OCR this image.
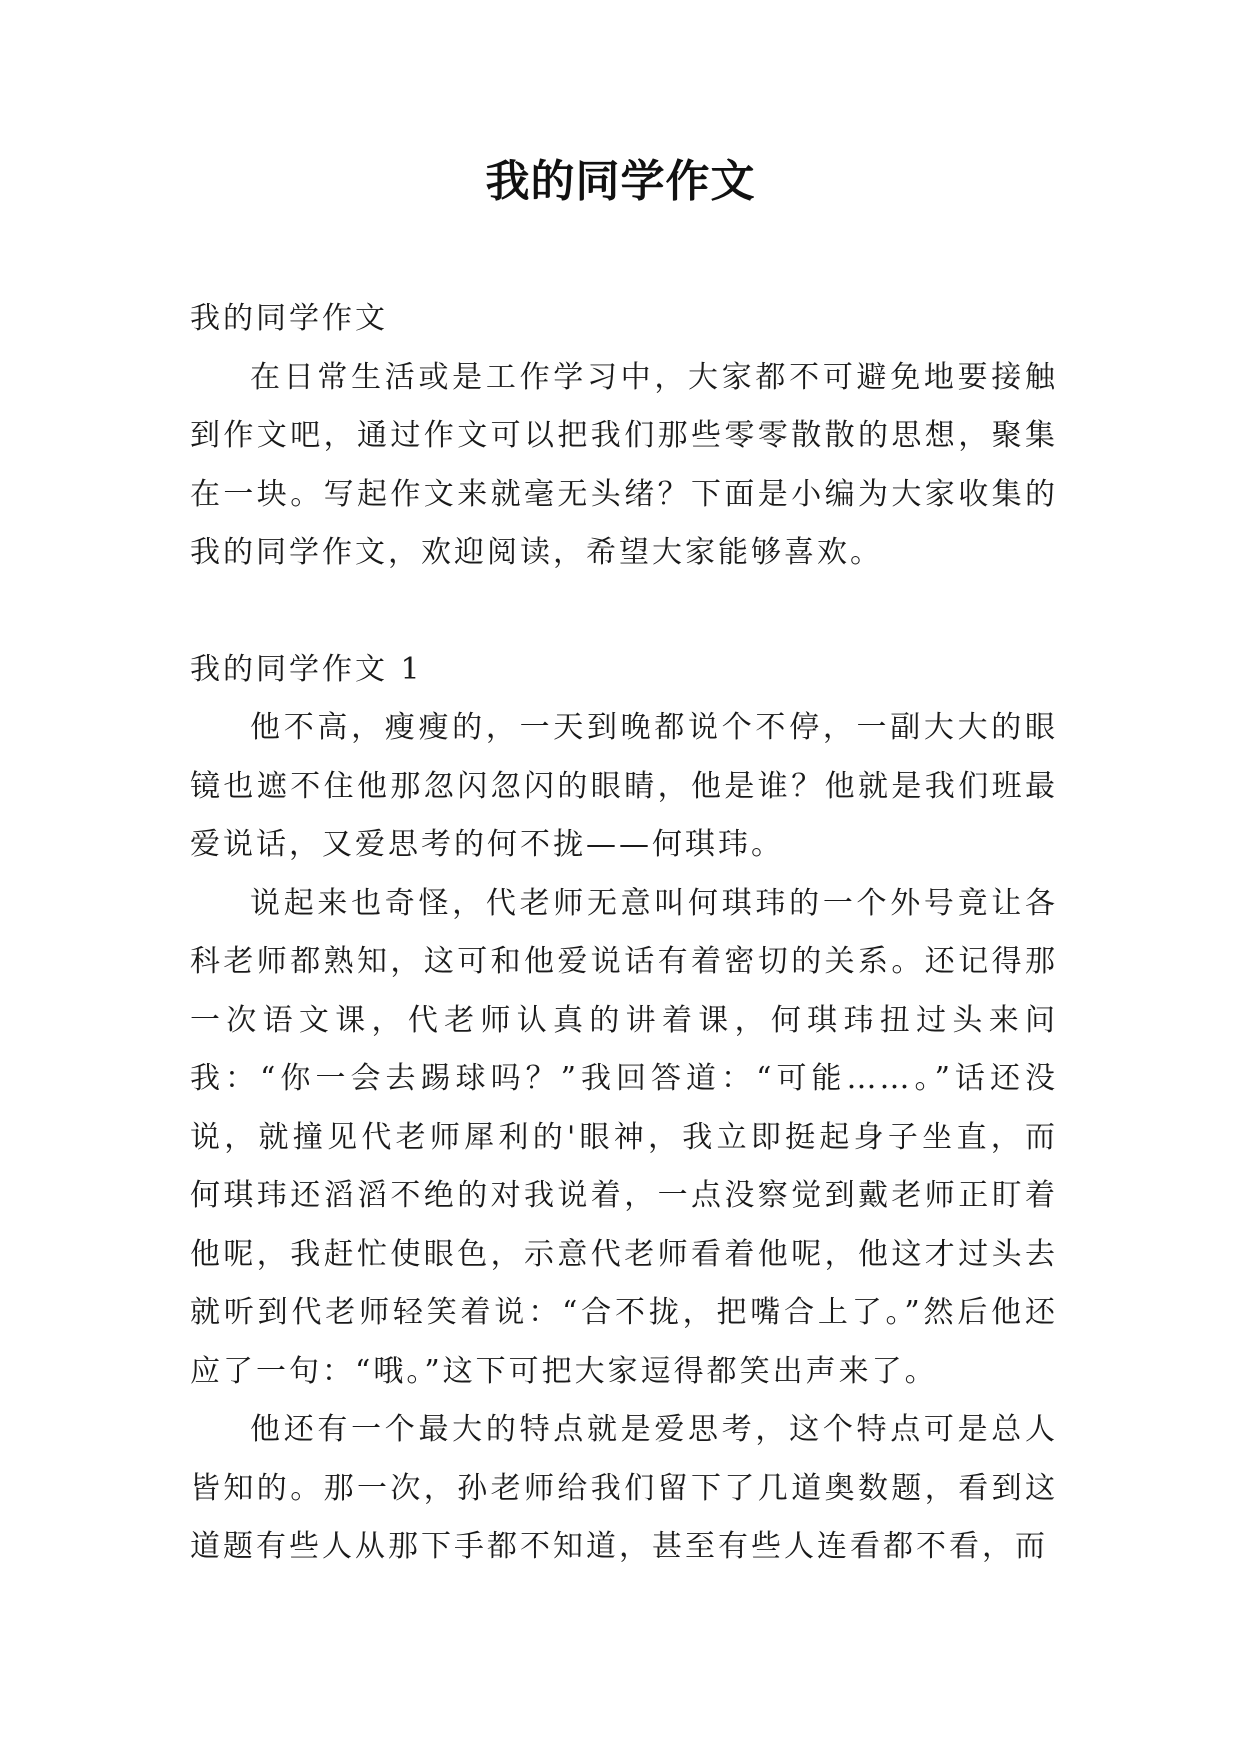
我的同学作文

我的同学作文

在日常生活或是工作学习中，大家都不可避免地要接触到作文吧，通过作文可以把我们那些零零散散的思想，聚集在一块。写起作文来就毫无头绪？下面是小编为大家收集的我的同学作文，欢迎阅读，希望大家能够喜欢。

我的同学作文 1

他不高，瘦瘦的，一天到晚都说个不停，一副大大的眼镜也遮不住他那忽闪忽闪的眼睛，他是谁？他就是我们班最爱说话，又爱思考的何不拢——何琪玮。

说起来也奇怪，代老师无意叫何琪玮的一个外号竟让各科老师都熟知，这可和他爱说话有着密切的关系。还记得那一次语文课，代老师认真的讲着课，何琪玮扭过头来问我：“你一会去踢球吗？”我回答道：“可能……。”话还没说，就撞见代老师犀利的'眼神，我立即挺起身子坐直，而何琪玮还滔滔不绝的对我说着，一点没察觉到戴老师正盯着他呢，我赶忙使眼色，示意代老师看着他呢，他这才过头去就听到代老师轻笑着说：“合不拢，把嘴合上了。”然后他还应了一句：“哦。”这下可把大家逗得都笑出声来了。

他还有一个最大的特点就是爱思考，这个特点可是总人皆知的。那一次，孙老师给我们留下了几道奥数题，看到这道题有些人从那下手都不知道，甚至有些人连看都不看，而
